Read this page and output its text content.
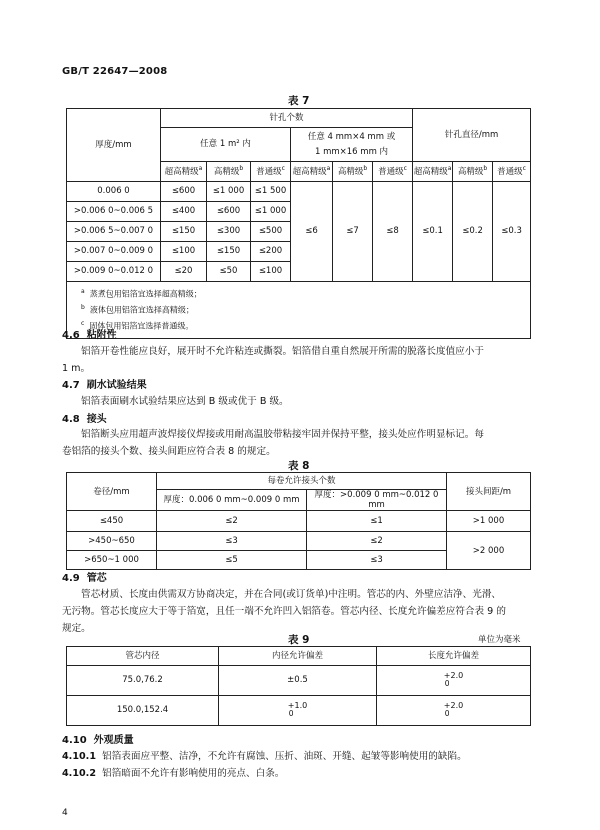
GB/T 22647—2008
表 7
厚度/mm	针孔个数						针孔直径/mm		
	任意 1 m² 内			任意 4 mm×4 mm 或
1 mm×16 mm 内					

	超高精级$^a$	高精级$^b$	普通级$^c$	超高精级$^a$	高精级$^b$	普通级$^c$	超高精级$^a$	高精级$^b$	普通级$^c$
0.006 0	≤600	≤1 000	≤1 500	≤6	≤7	≤8	≤0.1	≤0.2	≤0.3
>0.006 0~0.006 5	≤400	≤600	≤1 000						
>0.006 5~0.007 0	≤150	≤300	≤500						
>0.007 0~0.009 0	≤100	≤150	≤200						
>0.009 0~0.012 0	≤20	≤50	≤100						

$^a$ 蒸煮包用铝箔宜选择超高精级；
$^b$ 液体包用铝箔宜选择高精级；
$^c$ 固体包用铝箔宜选择普通级。									
4.6 粘附性
铝箔开卷性能应良好，展开时不允许粘连或撕裂。铝箔借自重自然展开所需的脱落长度值应小于
1 m。
4.7 刷水试验结果
铝箔表面刷水试验结果应达到 B 级或优于 B 级。
4.8 接头
铝箔断头应用超声波焊接仪焊接或用耐高温胶带粘接牢固并保持平整，接头处应作明显标记。每
卷铝箔的接头个数、接头间距应符合表 8 的规定。
表 8
卷径/mm	每卷允许接头个数		接头间距/m
	厚度：0.006 0 mm~0.009 0 mm	厚度：>0.009 0 mm~0.012 0 mm	
≤450	≤2	≤1	>1 000
>450~650	≤3	≤2	>2 000
>650~1 000	≤5	≤3	
4.9 管芯
管芯材质、长度由供需双方协商决定，并在合同(或订货单)中注明。管芯的内、外壁应洁净、光滑、
无污物。管芯长度应大于等于箔宽，且任一端不允许凹入铝箔卷。管芯内径、长度允许偏差应符合表 9 的
规定。
表 9	单位为毫米
管芯内径	内径允许偏差	长度允许偏差
75.0,76.2	±0.5	+2.0
0

150.0,152.4	+1.0
0	+2.0
0
4.10 外观质量
4.10.1 铝箔表面应平整、洁净，不允许有腐蚀、压折、油斑、开缝、起皱等影响使用的缺陷。
4.10.2 铝箔暗面不允许有影响使用的亮点、白条。
4
